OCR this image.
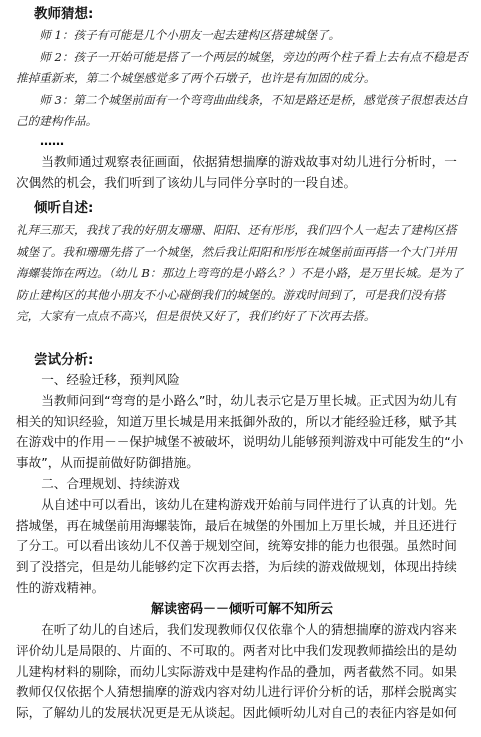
教师猜想:

师 1：孩子有可能是几个小朋友一起去建构区搭建城堡了。

师 2：孩子一开始可能是搭了一个两层的城堡，旁边的两个柱子看上去有点不稳是否推掉重新来，第二个城堡感觉多了两个石墩子，也许是有加固的成分。

师 3：第二个城堡前面有一个弯弯曲曲线条，不知是路还是桥，感觉孩子很想表达自己的建构作品。

……

当教师通过观察表征画面，依据猜想揣摩的游戏故事对幼儿进行分析时，一次偶然的机会，我们听到了该幼儿与同伴分享时的一段自述。

倾听自述:

礼拜三那天，我找了我的好朋友珊珊、阳阳、还有彤彤，我们四个人一起去了建构区搭城堡了。我和珊珊先搭了一个城堡，然后我让阳阳和彤彤在城堡前面再搭一个大门并用海螺装饰在两边。（幼儿 B：那边上弯弯的是小路么？）不是小路，是万里长城。是为了防止建构区的其他小朋友不小心碰倒我们的城堡的。游戏时间到了，可是我们没有搭完，大家有一点点不高兴，但是很快又好了，我们约好了下次再去搭。

尝试分析:

一、经验迁移，预判风险

当教师问到“弯弯的是小路么”时，幼儿表示它是万里长城。正式因为幼儿有相关的知识经验，知道万里长城是用来抵御外敌的，所以才能经验迁移，赋予其在游戏中的作用－－保护城堡不被破坏，说明幼儿能够预判游戏中可能发生的“小事故”，从而提前做好防御措施。

二、合理规划、持续游戏

从自述中可以看出，该幼儿在建构游戏开始前与同伴进行了认真的计划。先搭城堡，再在城堡前用海螺装饰，最后在城堡的外围加上万里长城，并且还进行了分工。可以看出该幼儿不仅善于规划空间，统筹安排的能力也很强。虽然时间到了没搭完，但是幼儿能够约定下次再去搭，为后续的游戏做规划，体现出持续性的游戏精神。

解读密码－－倾听可解不知所云

在听了幼儿的自述后，我们发现教师仅仅依靠个人的猜想揣摩的游戏内容来评价幼儿是局限的、片面的、不可取的。两者对比中我们发现教师描绘出的是幼儿建构材料的剔除，而幼儿实际游戏中是建构作品的叠加，两者截然不同。如果教师仅仅依据个人猜想揣摩的游戏内容对幼儿进行评价分析的话，那样会脱离实际，了解幼儿的发展状况更是无从谈起。因此倾听幼儿对自己的表征内容是如何
